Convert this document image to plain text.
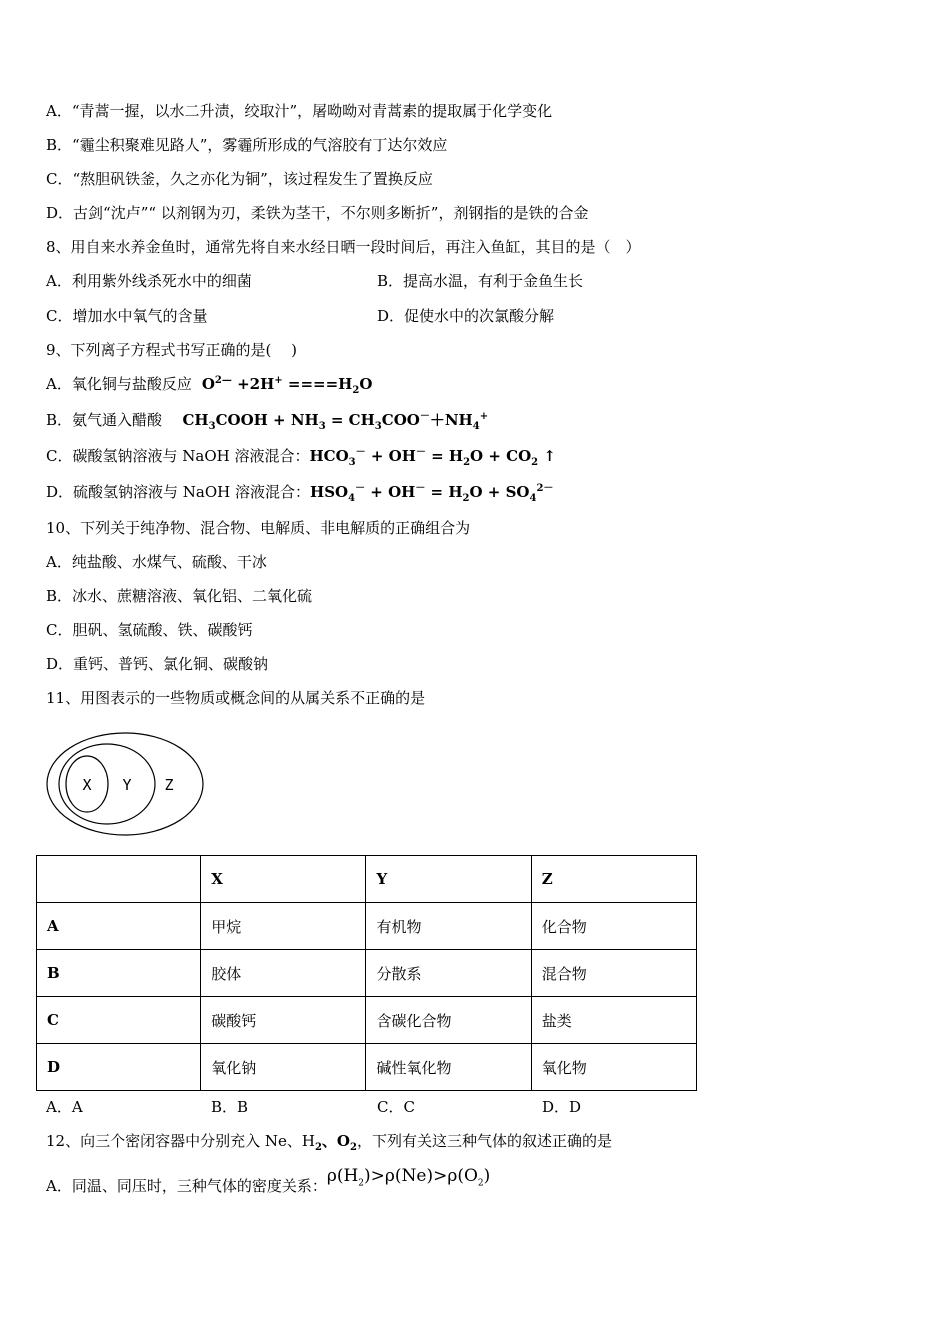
A．“青蒿一握，以水二升渍，绞取汁”，屠呦呦对青蒿素的提取属于化学变化
B．“霾尘积聚难见路人”，雾霾所形成的气溶胶有丁达尔效应
C．“熬胆矾铁釜，久之亦化为铜”，该过程发生了置换反应
D．古剑“沈卢”“ 以剂钢为刃，柔铁为茎干，不尔则多断折”，剂钢指的是铁的合金
8、用自来水养金鱼时，通常先将自来水经日晒一段时间后，再注入鱼缸，其目的是（　）
A．利用紫外线杀死水中的细菌	B．提高水温，有利于金鱼生长
C．增加水中氧气的含量	D．促使水中的次氯酸分解
9、下列离子方程式书写正确的是(　 )
A．氧化铜与盐酸反应  $O^{2—} +2H^+ ====H_2O$
B．氨气通入醋酸    $CH_3COOH + NH_3 = CH_3COO^-+NH_4^+$
C．碳酸氢钠溶液与 NaOH 溶液混合：$HCO_3^- + OH^- = H_2O + CO_2$ ↑
D．硫酸氢钠溶液与 NaOH 溶液混合：$HSO_4^- + OH^- = H_2O + SO_4^{2-}$
10、下列关于纯净物、混合物、电解质、非电解质的正确组合为
A．纯盐酸、水煤气、硫酸、干冰
B．冰水、蔗糖溶液、氧化铝、二氧化硫
C．胆矾、氢硫酸、铁、碳酸钙
D．重钙、普钙、氯化铜、碳酸钠
11、用图表示的一些物质或概念间的从属关系不正确的是
X Y Z
	X	Y	Z
A	甲烷	有机物	化合物
B	胶体	分散系	混合物
C	碳酸钙	含碳化合物	盐类
D	氧化钠	碱性氧化物	氧化物
A．A	B．B	C．C	D．D
12、向三个密闭容器中分别充入 Ne、$H_2$、$O_2$，下列有关这三种气体的叙述正确的是
A．同温、同压时，三种气体的密度关系：$\rho(H_2)>\rho(Ne)>\rho(O_2)$
